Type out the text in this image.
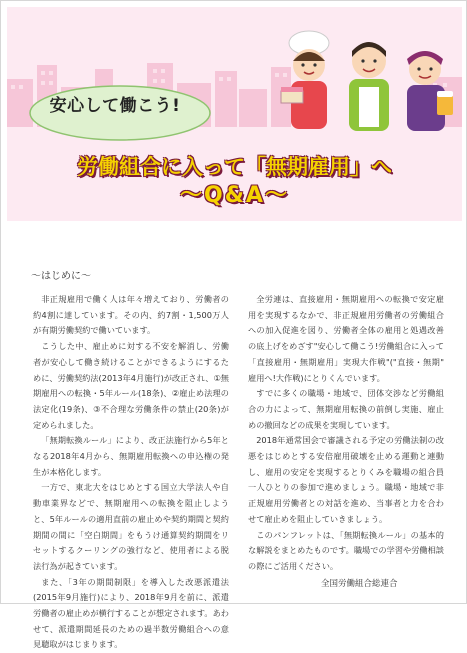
安心して働こう!
労働組合に入って「無期雇用」へ
〜Q&A〜
〜はじめに〜

非正規雇用で働く人は年々増えており、労働者の約4割に達しています。その内、約7割・1,500万人が有期労働契約で働いています。

こうした中、雇止めに対する不安を解消し、労働者が安心して働き続けることができるようにするために、労働契約法(2013年4月施行)が改正され、①無期雇用への転換・5年ルール(18条)、②雇止め法理の法定化(19条)、③不合理な労働条件の禁止(20条)が定められました。

「無期転換ルール」により、改正法施行から5年となる2018年4月から、無期雇用転換への申込権の発生が本格化します。

一方で、東北大をはじめとする国立大学法人や自動車業界などで、無期雇用への転換を阻止しようと、5年ルールの適用直前の雇止めや契約期間と契約期間の間に「空白期間」をもうけ通算契約期間をリセットするクーリングの強行など、使用者による脱法行為が起きています。

また、「3年の期間制限」を導入した改悪派遣法(2015年9月施行)により、2018年9月を前に、派遣労働者の雇止めが横行することが想定されます。あわせて、派遣期間延長のための過半数労働組合への意見聴取がはじまります。

全労連は、直接雇用・無期雇用への転換で安定雇用を実現するなかで、非正規雇用労働者の労働組合への加入促進を図り、労働者全体の雇用と処遇改善の底上げをめざす"安心して働こう!労働組合に入って「直接雇用・無期雇用」実現大作戦"("直接・無期" 雇用へ!大作戦)にとりくんでいます。

すでに多くの職場・地域で、団体交渉など労働組合の力によって、無期雇用転換の前倒し実施、雇止めの撤回などの成果を実現しています。

2018年通常国会で審議される予定の労働法制の改悪をはじめとする安倍雇用破壊を止める運動と連動し、雇用の安定を実現するとりくみを職場の組合員一人ひとりの参加で進めましょう。職場・地域で非正規雇用労働者との対話を進め、当事者と力を合わせて雇止めを阻止していきましょう。

このパンフレットは、「無期転換ルール」の基本的な解説をまとめたものです。職場での学習や労働相談の際にご活用ください。

全国労働組合総連合
